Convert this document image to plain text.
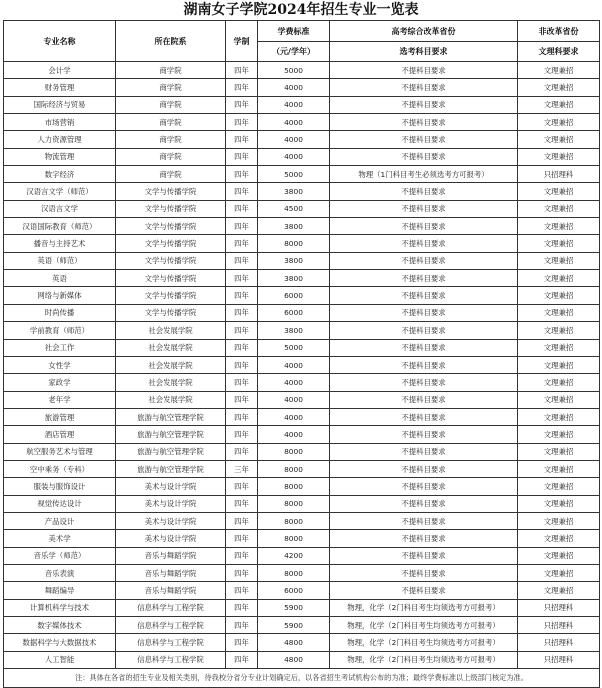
湖南女子学院2024年招生专业一览表
专业名称	所在院系	学制	学费标准	高考综合改革省份	非改革省份
			（元/学年）	选考科目要求	文理科要求
会计学	商学院	四年	5000	不提科目要求	文理兼招
财务管理	商学院	四年	4000	不提科目要求	文理兼招
国际经济与贸易	商学院	四年	4000	不提科目要求	文理兼招
市场营销	商学院	四年	4000	不提科目要求	文理兼招
人力资源管理	商学院	四年	4000	不提科目要求	文理兼招
物流管理	商学院	四年	4000	不提科目要求	文理兼招
数字经济	商学院	四年	5000	物理（1门科目考生必须选考方可报考）	只招理科
汉语言文学（师范）	文学与传播学院	四年	3800	不提科目要求	文理兼招
汉语言文学	文学与传播学院	四年	4500	不提科目要求	文理兼招
汉语国际教育（师范）	文学与传播学院	四年	3800	不提科目要求	文理兼招
播音与主持艺术	文学与传播学院	四年	8000	不提科目要求	文理兼招
英语（师范）	文学与传播学院	四年	3800	不提科目要求	文理兼招
英语	文学与传播学院	四年	3800	不提科目要求	文理兼招
网络与新媒体	文学与传播学院	四年	6000	不提科目要求	文理兼招
时尚传播	文学与传播学院	四年	6000	不提科目要求	文理兼招
学前教育（师范）	社会发展学院	四年	3800	不提科目要求	文理兼招
社会工作	社会发展学院	四年	5000	不提科目要求	文理兼招
女性学	社会发展学院	四年	4000	不提科目要求	文理兼招
家政学	社会发展学院	四年	4000	不提科目要求	文理兼招
老年学	社会发展学院	四年	4000	不提科目要求	文理兼招
旅游管理	旅游与航空管理学院	四年	4000	不提科目要求	文理兼招
酒店管理	旅游与航空管理学院	四年	4000	不提科目要求	文理兼招
航空服务艺术与管理	旅游与航空管理学院	四年	8000	不提科目要求	文理兼招
空中乘务（专科）	旅游与航空管理学院	三年	8000	不提科目要求	文理兼招
服装与服饰设计	美术与设计学院	四年	8000	不提科目要求	文理兼招
视觉传达设计	美术与设计学院	四年	8000	不提科目要求	文理兼招
产品设计	美术与设计学院	四年	8000	不提科目要求	文理兼招
美术学	美术与设计学院	四年	8000	不提科目要求	文理兼招
音乐学（师范）	音乐与舞蹈学院	四年	4200	不提科目要求	文理兼招
音乐表演	音乐与舞蹈学院	四年	8000	不提科目要求	文理兼招
舞蹈编导	音乐与舞蹈学院	四年	6000	不提科目要求	文理兼招
计算机科学与技术	信息科学与工程学院	四年	5900	物理，化学（2门科目考生均须选考方可报考）	只招理科
数字媒体技术	信息科学与工程学院	四年	5900	物理，化学（2门科目考生均须选考方可报考）	只招理科
数据科学与大数据技术	信息科学与工程学院	四年	4800	物理，化学（2门科目考生均须选考方可报考）	只招理科
人工智能	信息科学与工程学院	四年	4800	物理，化学（2门科目考生均须选考方可报考）	只招理科
注：具体在各省的招生专业及相关类别，待我校分省分专业计划确定后，以各省招生考试机构公布的为准；最终学费标准以上级部门核定为准。					
